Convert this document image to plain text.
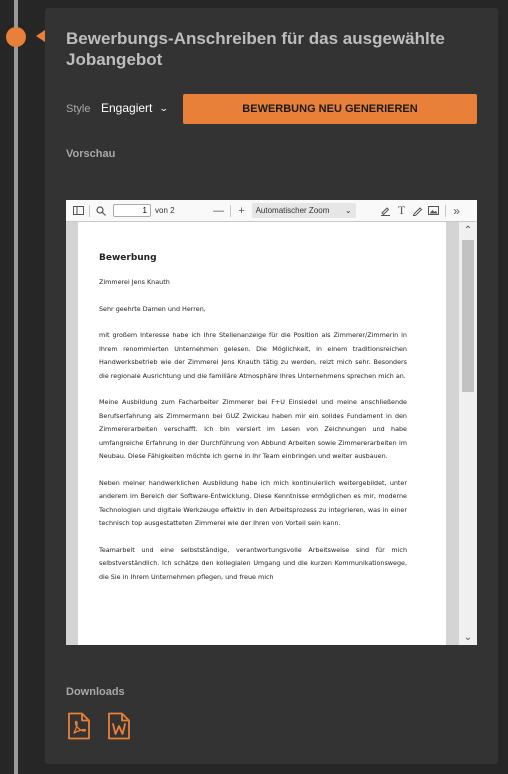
Bewerbungs-Anschreiben für das ausgewählte Jobangebot
Style Engagiert ⌄	BEWERBUNG NEU GENERIEREN
Vorschau
1
von 2	—	+	Automatischer Zoom ⌄	T	»
Bewerbung

Zimmerei Jens Knauth

Sehr geehrte Damen und Herren,

mit großem Interesse habe ich Ihre Stellenanzeige für die Position als Zimmerer/Zimmerin in Ihrem renommierten Unternehmen gelesen. Die Möglichkeit, in einem traditionsreichen Handwerksbetrieb wie der Zimmerei Jens Knauth tätig zu werden, reizt mich sehr. Besonders die regionale Ausrichtung und die familiäre Atmosphäre Ihres Unternehmens sprechen mich an.

Meine Ausbildung zum Facharbeiter Zimmerer bei F+U Einsiedel und meine anschließende Berufserfahrung als Zimmermann bei GUZ Zwickau haben mir ein solides Fundament in den Zimmererarbeiten verschafft. Ich bin versiert im Lesen von Zeichnungen und habe umfangreiche Erfahrung in der Durchführung von Abbund Arbeiten sowie Zimmererarbeiten im Neubau. Diese Fähigkeiten möchte ich gerne in Ihr Team einbringen und weiter ausbauen.

Neben meiner handwerklichen Ausbildung habe ich mich kontinuierlich weitergebildet, unter anderem im Bereich der Software-Entwicklung. Diese Kenntnisse ermöglichen es mir, moderne Technologien und digitale Werkzeuge effektiv in den Arbeitsprozess zu integrieren, was in einer technisch top ausgestatteten Zimmerei wie der Ihren von Vorteil sein kann.

Teamarbeit und eine selbstständige, verantwortungsvolle Arbeitsweise sind für mich selbstverständlich. Ich schätze den kollegialen Umgang und die kurzen Kommunikationswege, die Sie in Ihrem Unternehmen pflegen, und freue mich

⌃
⌄
Downloads
